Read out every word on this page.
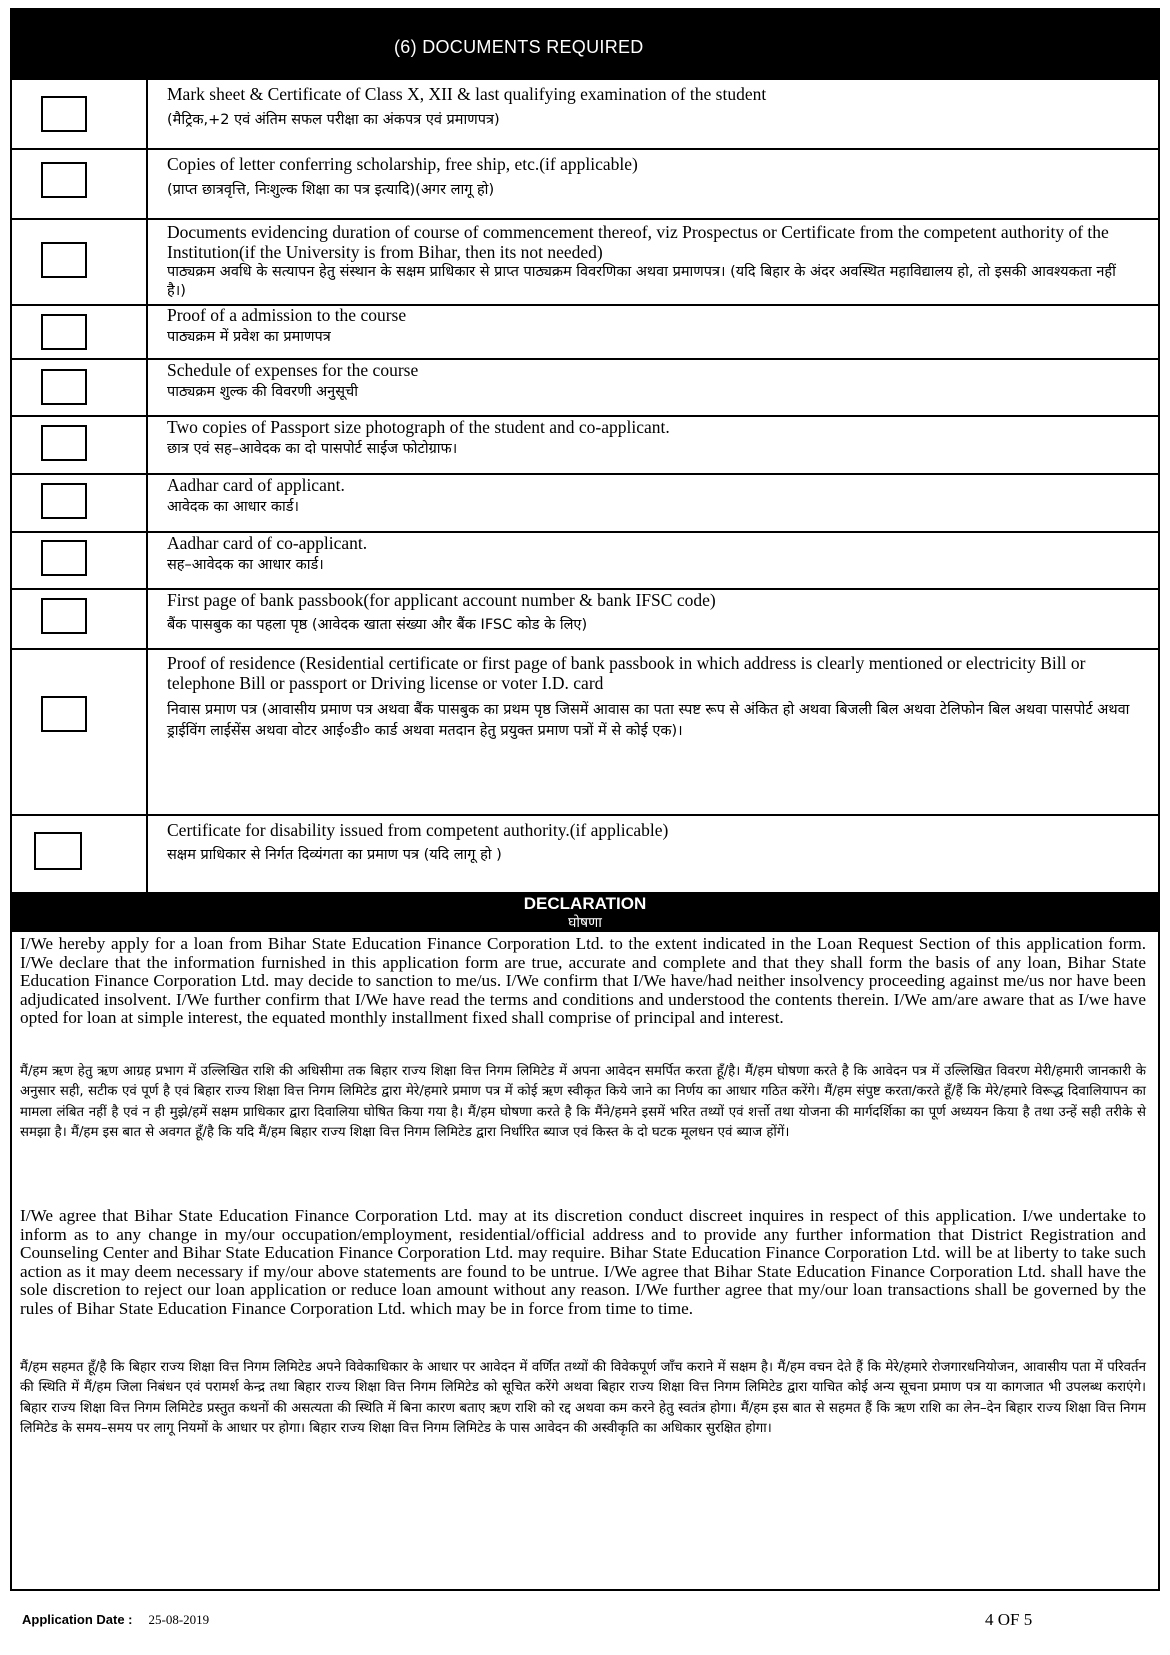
(6) DOCUMENTS REQUIRED
Mark sheet & Certificate of Class X, XII & last qualifying examination of the student
(मैट्रिक,+2 एवं अंतिम सफल परीक्षा का अंकपत्र एवं प्रमाणपत्र)
Copies of letter conferring scholarship, free ship, etc.(if applicable)
(प्राप्त छात्रवृत्ति, निःशुल्क शिक्षा का पत्र इत्यादि)(अगर लागू हो)
Documents evidencing duration of course of commencement thereof, viz Prospectus or Certificate from the competent authority of the Institution(if the University is from Bihar, then its not needed)
पाठ्यक्रम अवधि के सत्यापन हेतु संस्थान के सक्षम प्राधिकार से प्राप्त पाठ्यक्रम विवरणिका अथवा प्रमाणपत्र। (यदि बिहार के अंदर अवस्थित महाविद्यालय हो, तो इसकी आवश्यकता नहीं है।)
Proof of a admission to the course
पाठ्यक्रम में प्रवेश का प्रमाणपत्र
Schedule of expenses for the course
पाठ्यक्रम शुल्क की विवरणी अनुसूची
Two copies of Passport size photograph of the student and co-applicant.
छात्र एवं सह–आवेदक का दो पासपोर्ट साईज फोटोग्राफ।
Aadhar card of applicant.
आवेदक का आधार कार्ड।
Aadhar card of co-applicant.
सह–आवेदक का आधार कार्ड।
First page of bank passbook(for applicant account number & bank IFSC code)
बैंक पासबुक का पहला पृष्ठ (आवेदक खाता संख्या और बैंक IFSC कोड के लिए)
Proof of residence (Residential certificate or first page of bank passbook in which address is clearly mentioned or electricity Bill or telephone Bill or passport or Driving license or voter I.D. card
निवास प्रमाण पत्र (आवासीय प्रमाण पत्र अथवा बैंक पासबुक का प्रथम पृष्ठ जिसमें आवास का पता स्पष्ट रूप से अंकित हो अथवा बिजली बिल अथवा टेलिफोन बिल अथवा पासपोर्ट अथवा ड्राईविंग लाईसेंस अथवा वोटर आई०डी० कार्ड अथवा मतदान हेतु प्रयुक्त प्रमाण पत्रों में से कोई एक)।
Certificate for disability issued from competent authority.(if applicable)
सक्षम प्राधिकार से निर्गत दिव्यंगता का प्रमाण पत्र (यदि लागू हो )
DECLARATION
घोषणा
I/We hereby apply for a loan from Bihar State Education Finance Corporation Ltd. to the extent indicated in the Loan Request Section of this application form. I/We declare that the information furnished in this application form are true, accurate and complete and that they shall form the basis of any loan, Bihar State Education Finance Corporation Ltd. may decide to sanction to me/us. I/We confirm that I/We have/had neither insolvency proceeding against me/us nor have been adjudicated insolvent. I/We further confirm that I/We have read the terms and conditions and understood the contents therein. I/We am/are aware that as I/we have opted for loan at simple interest, the equated monthly installment fixed shall comprise of principal and interest.
मैं/हम ऋण हेतु ऋण आग्रह प्रभाग में उल्लिखित राशि की अधिसीमा तक बिहार राज्य शिक्षा वित्त निगम लिमिटेड में अपना आवेदन समर्पित करता हूँ/है। मैं/हम घोषणा करते है कि आवेदन पत्र में उल्लिखित विवरण मेरी/हमारी जानकारी के अनुसार सही, सटीक एवं पूर्ण है एवं बिहार राज्य शिक्षा वित्त निगम लिमिटेड द्वारा मेरे/हमारे प्रमाण पत्र में कोई ऋण स्वीकृत किये जाने का निर्णय का आधार गठित करेंगे। मैं/हम संपुष्ट करता/करते हूँ/हैं कि मेरे/हमारे विरूद्ध दिवालियापन का मामला लंबित नहीं है एवं न ही मुझे/हमें सक्षम प्राधिकार द्वारा दिवालिया घोषित किया गया है। मैं/हम घोषणा करते है कि मैंने/हमने इसमें भरित तथ्यों एवं शर्त्तो तथा योजना की मार्गदर्शिका का पूर्ण अध्ययन किया है तथा उन्हें सही तरीके से समझा है। मैं/हम इस बात से अवगत हूँ/है कि यदि मैं/हम बिहार राज्य शिक्षा वित्त निगम लिमिटेड द्वारा निर्धारित ब्याज एवं किस्त के दो घटक मूलधन एवं ब्याज होंगें।
I/We agree that Bihar State Education Finance Corporation Ltd. may at its discretion conduct discreet inquires in respect of this application. I/we undertake to inform as to any change in my/our occupation/employment, residential/official address and to provide any further information that District Registration and Counseling Center and Bihar State Education Finance Corporation Ltd. may require. Bihar State Education Finance Corporation Ltd. will be at liberty to take such action as it may deem necessary if my/our above statements are found to be untrue. I/We agree that Bihar State Education Finance Corporation Ltd. shall have the sole discretion to reject our loan application or reduce loan amount without any reason. I/We further agree that my/our loan transactions shall be governed by the rules of Bihar State Education Finance Corporation Ltd. which may be in force from time to time.
मैं/हम सहमत हूँ/है कि बिहार राज्य शिक्षा वित्त निगम लिमिटेड अपने विवेकाधिकार के आधार पर आवेदन में वर्णित तथ्यों की विवेकपूर्ण जाँच कराने में सक्षम है। मैं/हम वचन देते हैं कि मेरे/हमारे रोजगारधनियोजन, आवासीय पता में परिवर्तन की स्थिति में मैं/हम जिला निबंधन एवं परामर्श केन्द्र तथा बिहार राज्य शिक्षा वित्त निगम लिमिटेड को सूचित करेंगे अथवा बिहार राज्य शिक्षा वित्त निगम लिमिटेड द्वारा याचित कोई अन्य सूचना प्रमाण पत्र या कागजात भी उपलब्ध कराएंगे। बिहार राज्य शिक्षा वित्त निगम लिमिटेड प्रस्तुत कथनों की असत्यता की स्थिति में बिना कारण बताए ऋण राशि को रद्द अथवा कम करने हेतु स्वतंत्र होगा। मैं/हम इस बात से सहमत हैं कि ऋण राशि का लेन–देन बिहार राज्य शिक्षा वित्त निगम लिमिटेड के समय–समय पर लागू नियमों के आधार पर होगा। बिहार राज्य शिक्षा वित्त निगम लिमिटेड के पास आवेदन की अस्वीकृति का अधिकार सुरक्षित होगा।
Application Date : 25-08-2019	4 OF 5
